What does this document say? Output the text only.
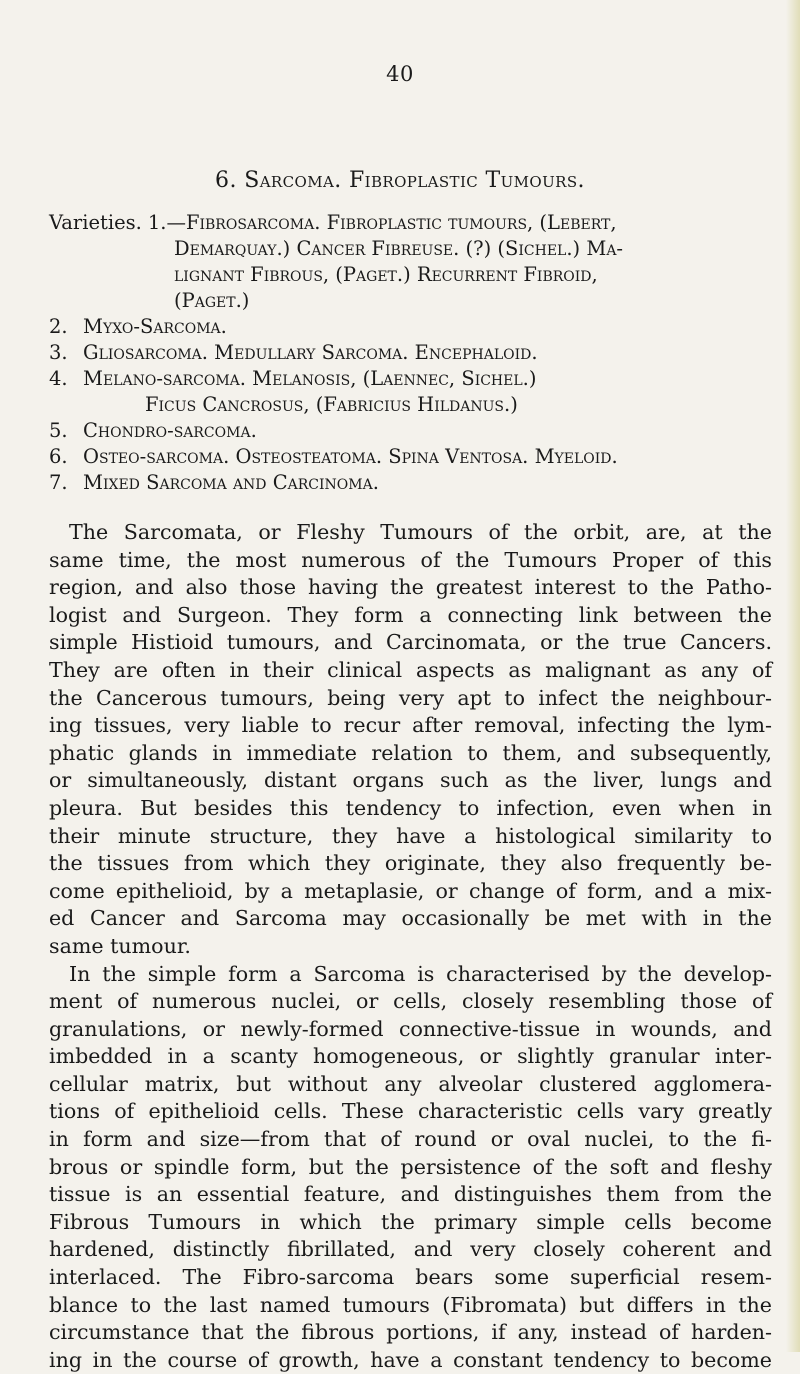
40
6. Sarcoma. Fibroplastic Tumours.
Varieties. 1.— Fibrosarcoma. Fibroplastic tumours, (Lebert,
Demarquay.) Cancer Fibreuse. (?) (Sichel.) Ma-
lignant Fibrous, (Paget.) Recurrent Fibroid,
(Paget.)
2. Myxo-Sarcoma.
3. Gliosarcoma. Medullary Sarcoma. Encephaloid.
4. Melano-sarcoma. Melanosis, (Laennec, Sichel.)
Ficus Cancrosus, (Fabricius Hildanus.)
5. Chondro-sarcoma.
6. Osteo-sarcoma. Osteosteatoma. Spina Ventosa. Myeloid.
7. Mixed Sarcoma and Carcinoma.
The Sarcomata, or Fleshy Tumours of the orbit, are, at the
same time, the most numerous of the Tumours Proper of this
region, and also those having the greatest interest to the Patho-
logist and Surgeon. They form a connecting link between the
simple Histioid tumours, and Carcinomata, or the true Cancers.
They are often in their clinical aspects as malignant as any of
the Cancerous tumours, being very apt to infect the neighbour-
ing tissues, very liable to recur after removal, infecting the lym-
phatic glands in immediate relation to them, and subsequently,
or simultaneously, distant organs such as the liver, lungs and
pleura. But besides this tendency to infection, even when in
their minute structure, they have a histological similarity to
the tissues from which they originate, they also frequently be-
come epithelioid, by a metaplasie, or change of form, and a mix-
ed Cancer and Sarcoma may occasionally be met with in the
same tumour.
In the simple form a Sarcoma is characterised by the develop-
ment of numerous nuclei, or cells, closely resembling those of
granulations, or newly-formed connective-tissue in wounds, and
imbedded in a scanty homogeneous, or slightly granular inter-
cellular matrix, but without any alveolar clustered agglomera-
tions of epithelioid cells. These characteristic cells vary greatly
in form and size—from that of round or oval nuclei, to the fi-
brous or spindle form, but the persistence of the soft and fleshy
tissue is an essential feature, and distinguishes them from the
Fibrous Tumours in which the primary simple cells become
hardened, distinctly fibrillated, and very closely coherent and
interlaced. The Fibro-sarcoma bears some superficial resem-
blance to the last named tumours (Fibromata) but differs in the
circumstance that the fibrous portions, if any, instead of harden-
ing in the course of growth, have a constant tendency to become
